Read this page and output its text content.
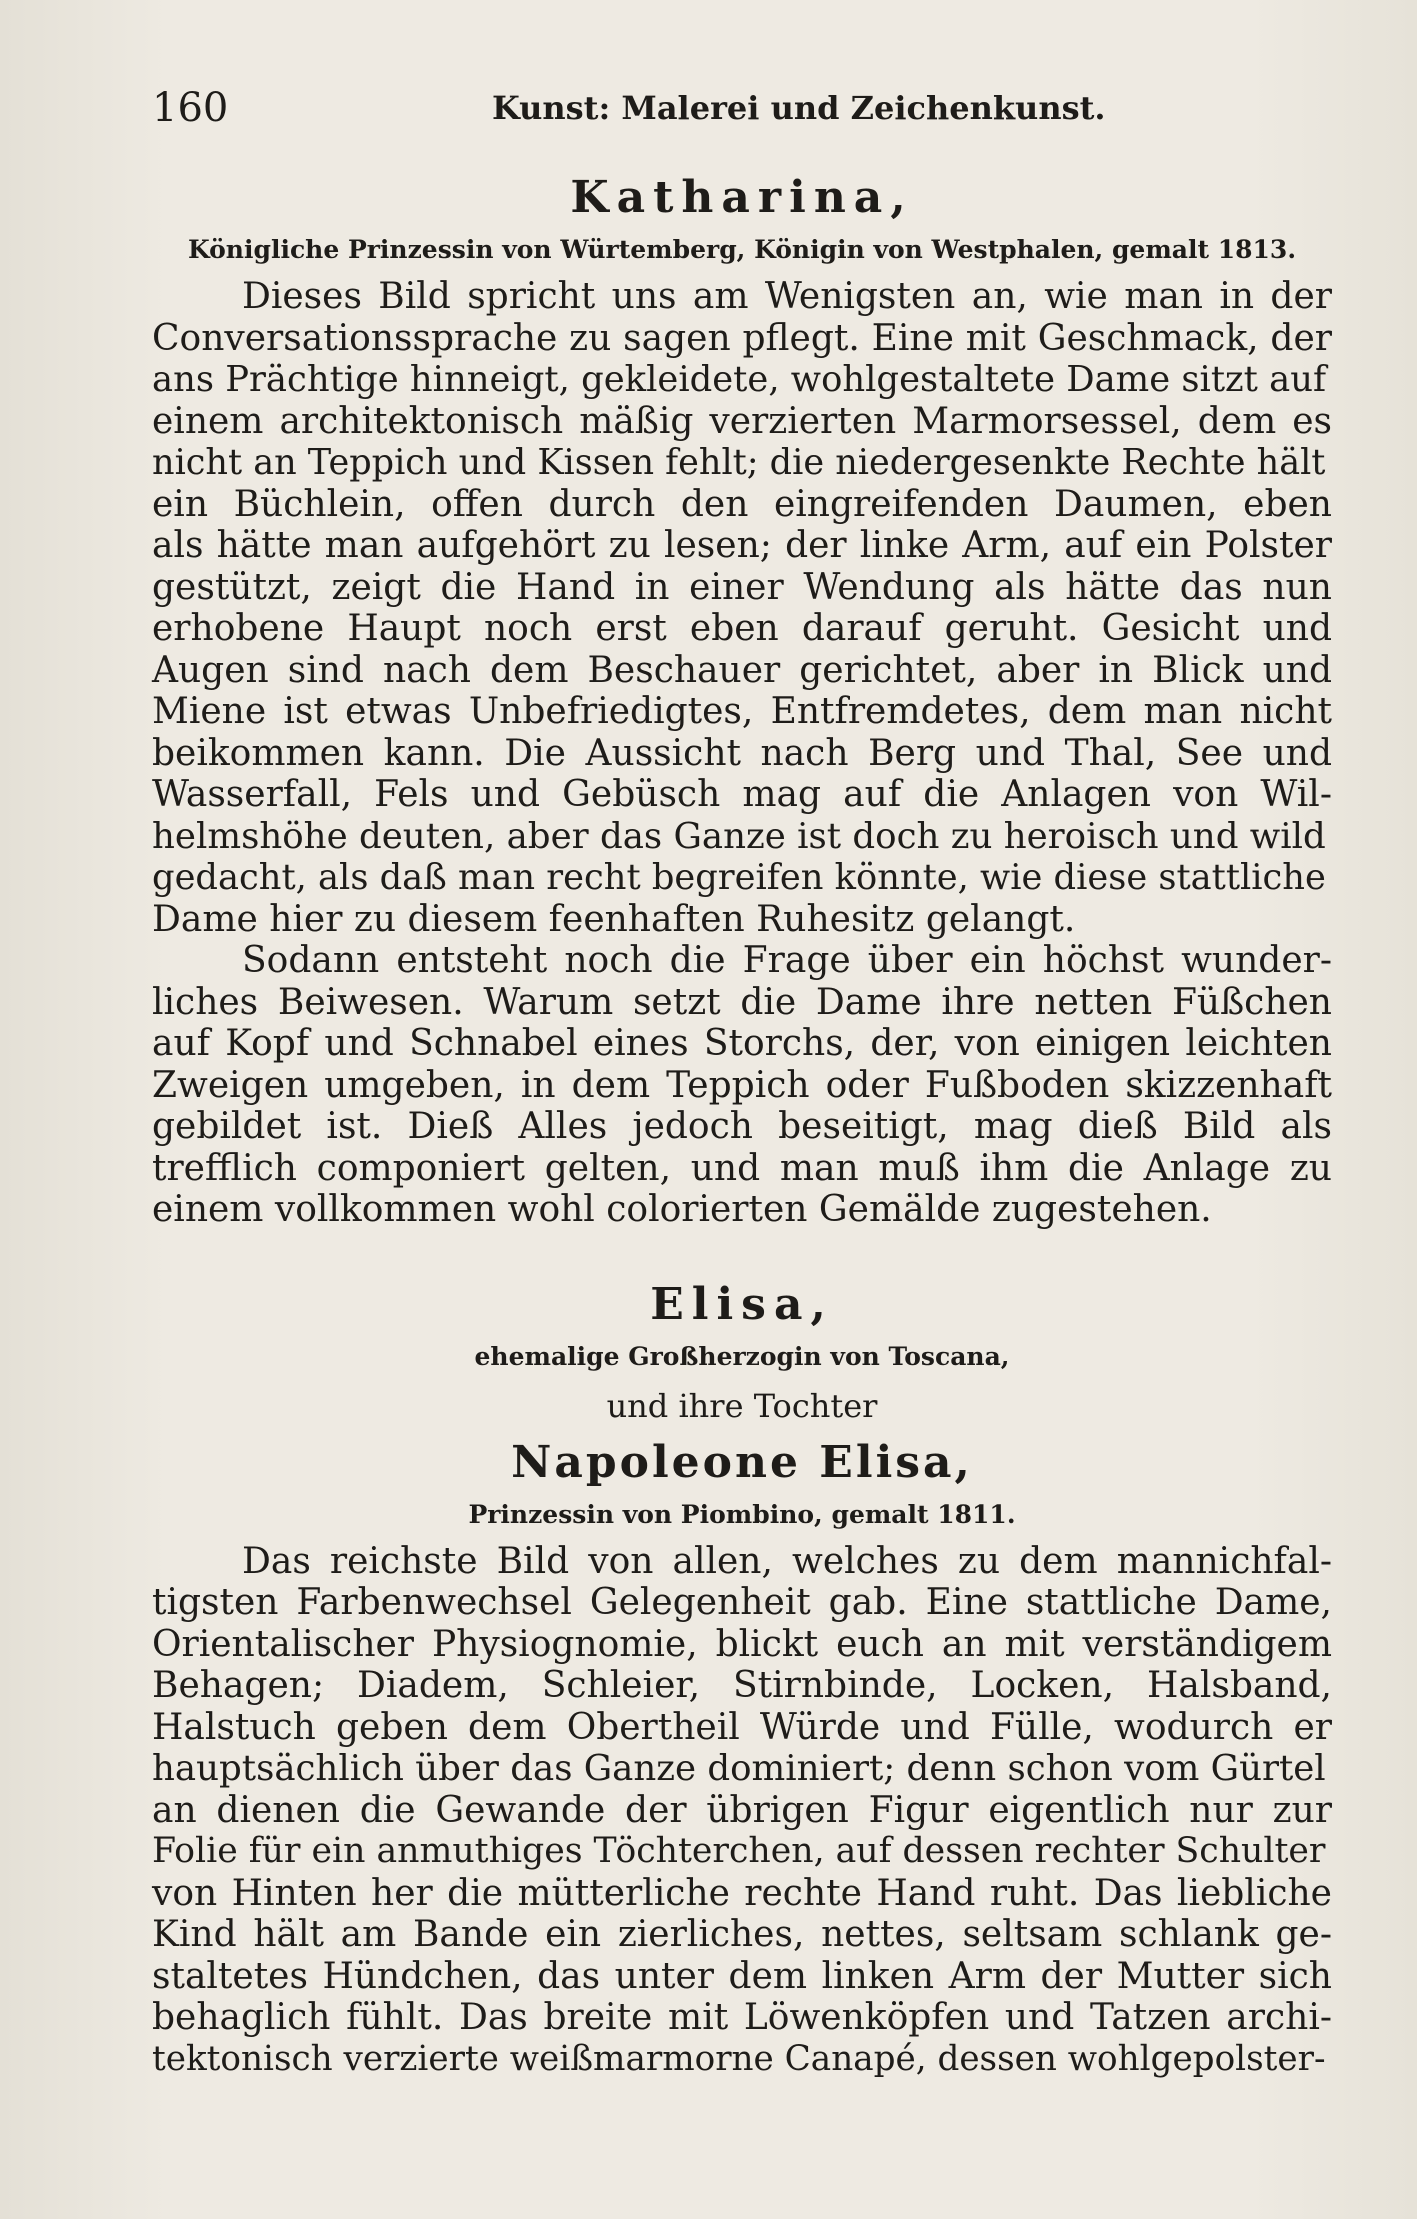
160	Kunst: Malerei und Zeichenkunst.
Katharina,

Königliche Prinzessin von Würtemberg, Königin von Westphalen, gemalt 1813.

Dieses Bild spricht uns am Wenigsten an, wie man in der
Conversationssprache zu sagen pflegt. Eine mit Geschmack, der
ans Prächtige hinneigt, gekleidete, wohlgestaltete Dame sitzt auf
einem architektonisch mäßig verzierten Marmorsessel, dem es
nicht an Teppich und Kissen fehlt; die niedergesenkte Rechte hält
ein Büchlein, offen durch den eingreifenden Daumen, eben
als hätte man aufgehört zu lesen; der linke Arm, auf ein Polster
gestützt, zeigt die Hand in einer Wendung als hätte das nun
erhobene Haupt noch erst eben darauf geruht. Gesicht und
Augen sind nach dem Beschauer gerichtet, aber in Blick und
Miene ist etwas Unbefriedigtes, Entfremdetes, dem man nicht
beikommen kann. Die Aussicht nach Berg und Thal, See und
Wasserfall, Fels und Gebüsch mag auf die Anlagen von Wil-
helmshöhe deuten, aber das Ganze ist doch zu heroisch und wild
gedacht, als daß man recht begreifen könnte, wie diese stattliche
Dame hier zu diesem feenhaften Ruhesitz gelangt.

Sodann entsteht noch die Frage über ein höchst wunder-
liches Beiwesen. Warum setzt die Dame ihre netten Füßchen
auf Kopf und Schnabel eines Storchs, der, von einigen leichten
Zweigen umgeben, in dem Teppich oder Fußboden skizzenhaft
gebildet ist. Dieß Alles jedoch beseitigt, mag dieß Bild als
trefflich componiert gelten, und man muß ihm die Anlage zu
einem vollkommen wohl colorierten Gemälde zugestehen.

Elisa,

ehemalige Großherzogin von Toscana,

und ihre Tochter

Napoleone Elisa,

Prinzessin von Piombino, gemalt 1811.

Das reichste Bild von allen, welches zu dem mannichfal-
tigsten Farbenwechsel Gelegenheit gab. Eine stattliche Dame,
Orientalischer Physiognomie, blickt euch an mit verständigem
Behagen; Diadem, Schleier, Stirnbinde, Locken, Halsband,
Halstuch geben dem Obertheil Würde und Fülle, wodurch er
hauptsächlich über das Ganze dominiert; denn schon vom Gürtel
an dienen die Gewande der übrigen Figur eigentlich nur zur
Folie für ein anmuthiges Töchterchen, auf dessen rechter Schulter
von Hinten her die mütterliche rechte Hand ruht. Das liebliche
Kind hält am Bande ein zierliches, nettes, seltsam schlank ge-
staltetes Hündchen, das unter dem linken Arm der Mutter sich
behaglich fühlt. Das breite mit Löwenköpfen und Tatzen archi-
tektonisch verzierte weißmarmorne Canapé, dessen wohlgepolster-
